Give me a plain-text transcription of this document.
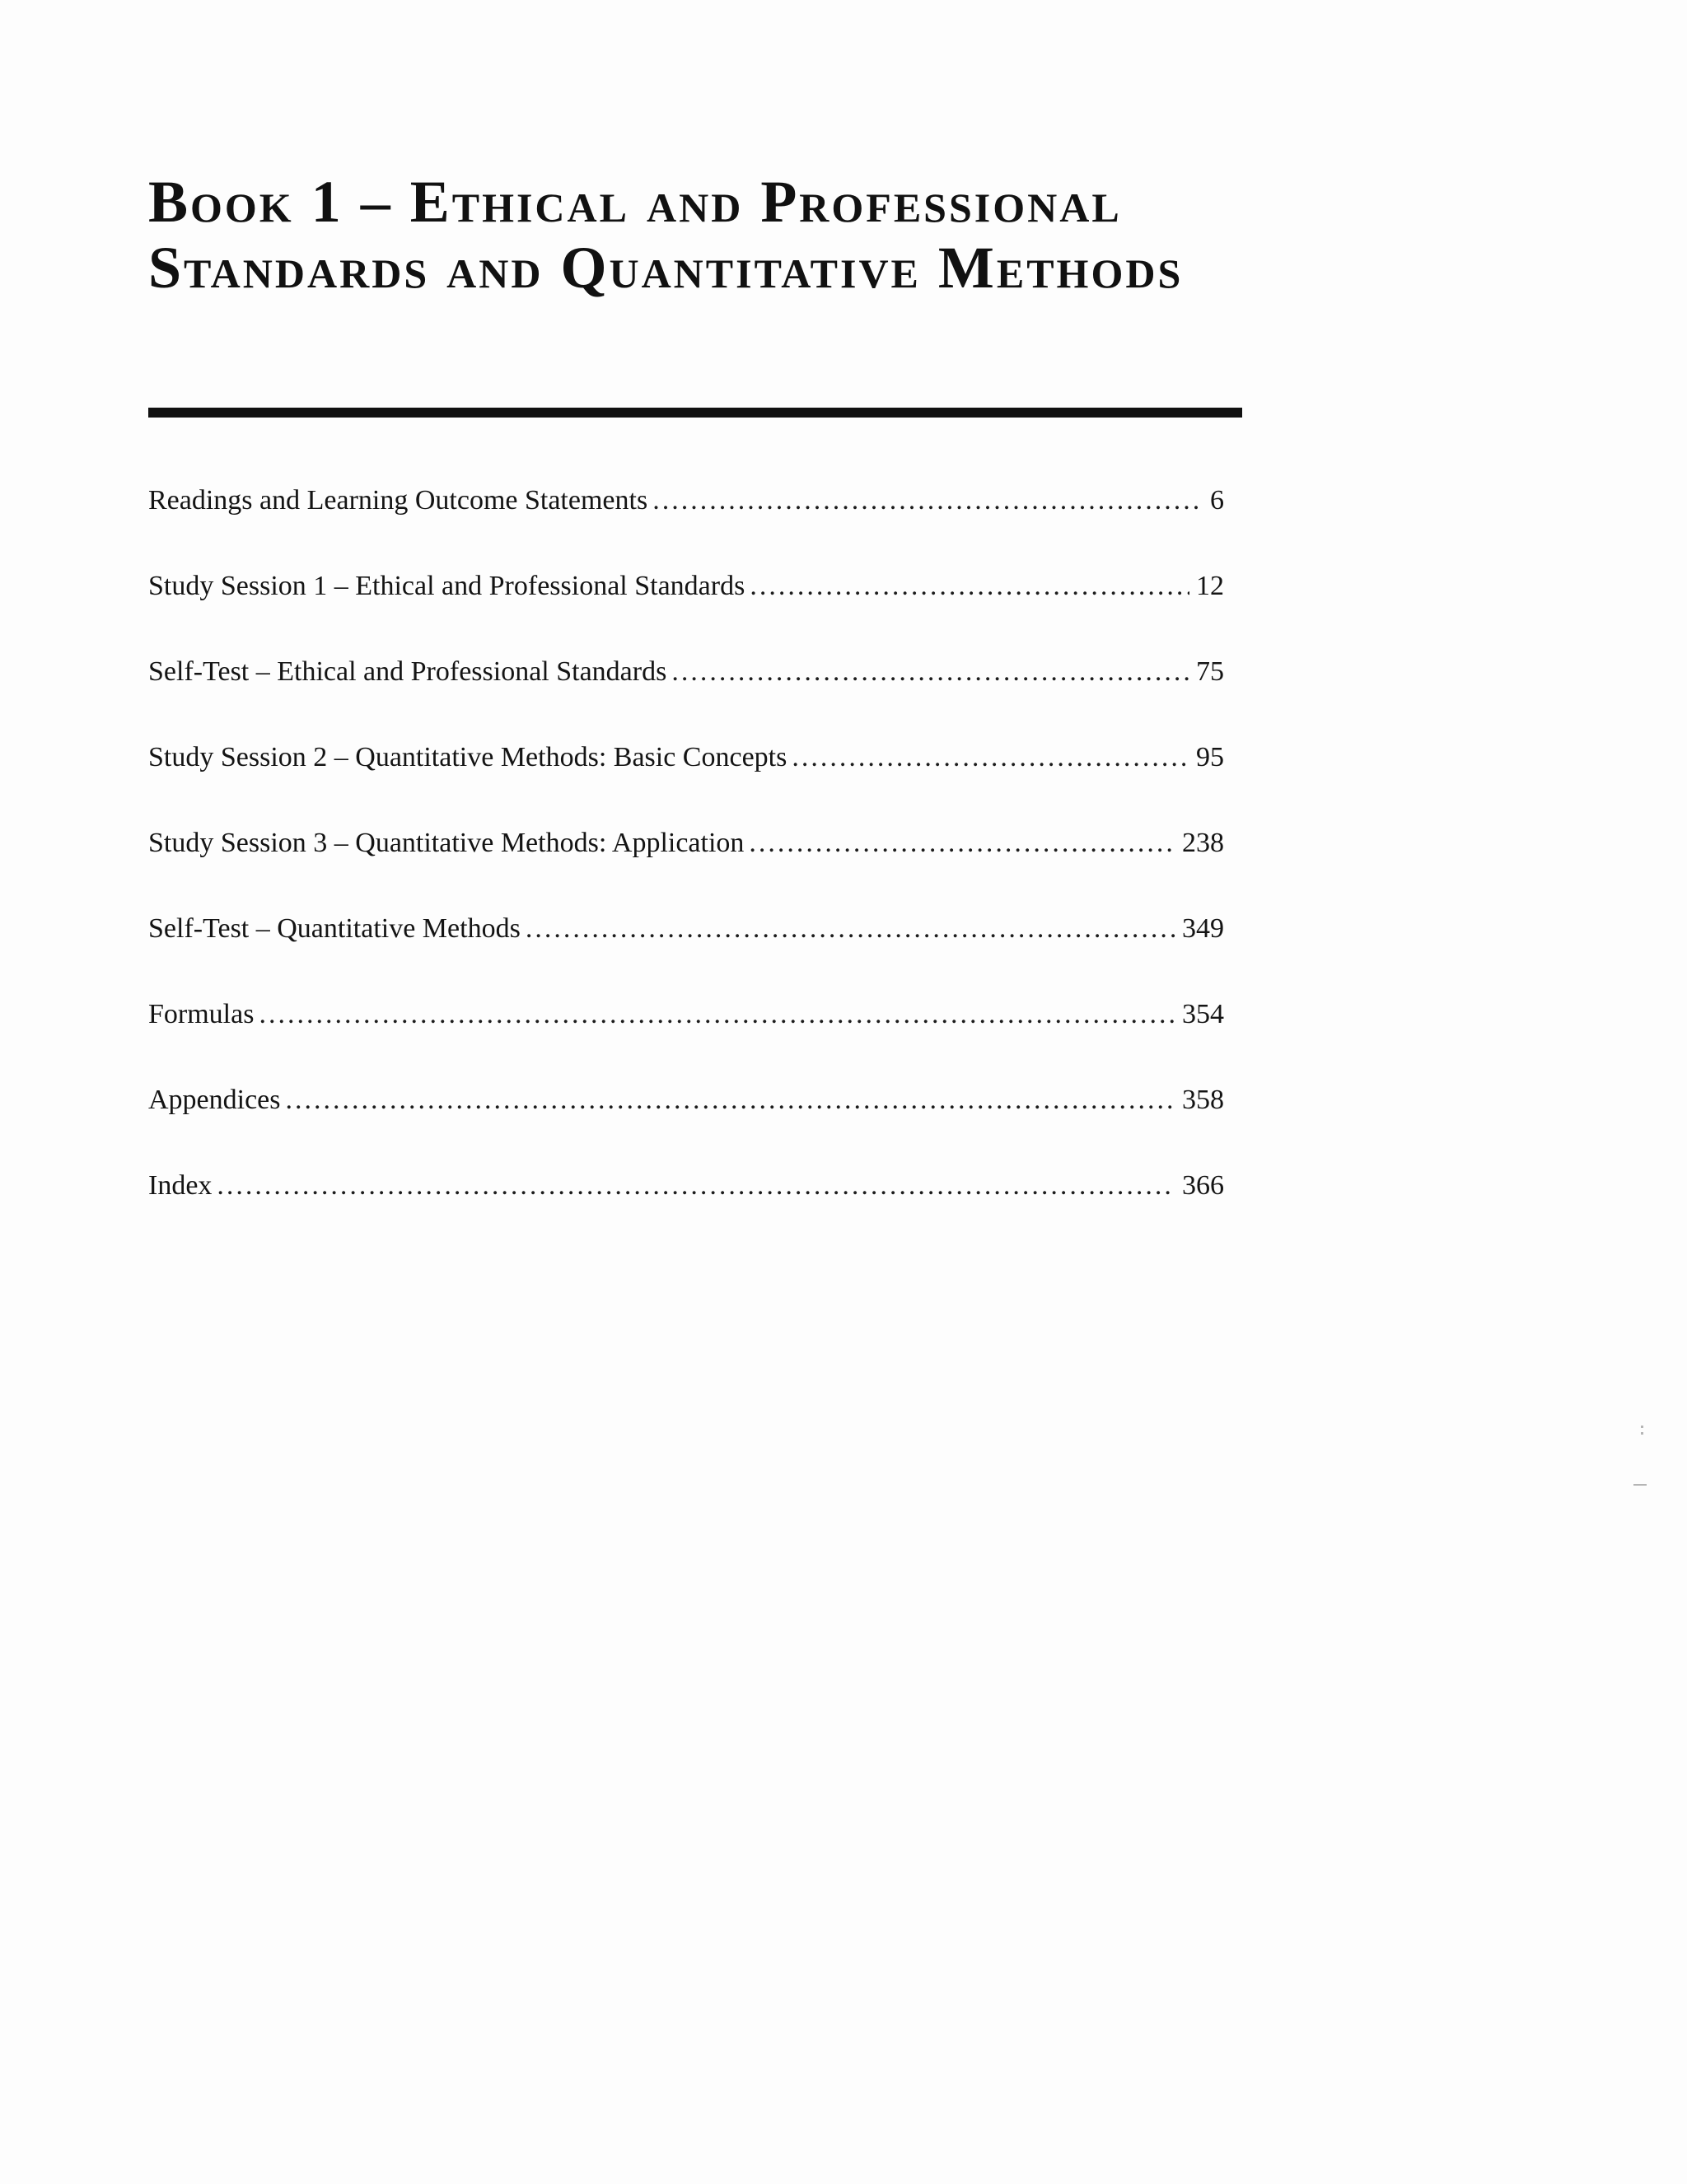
Book 1 – Ethical and Professional Standards and Quantitative Methods
Readings and Learning Outcome Statements .....	6
Study Session 1 – Ethical and Professional Standards .....	12
Self-Test – Ethical and Professional Standards .....	75
Study Session 2 – Quantitative Methods: Basic Concepts .....	95
Study Session 3 – Quantitative Methods: Application .....	238
Self-Test – Quantitative Methods .....	349
Formulas .....	354
Appendices .....	358
Index .....	366
